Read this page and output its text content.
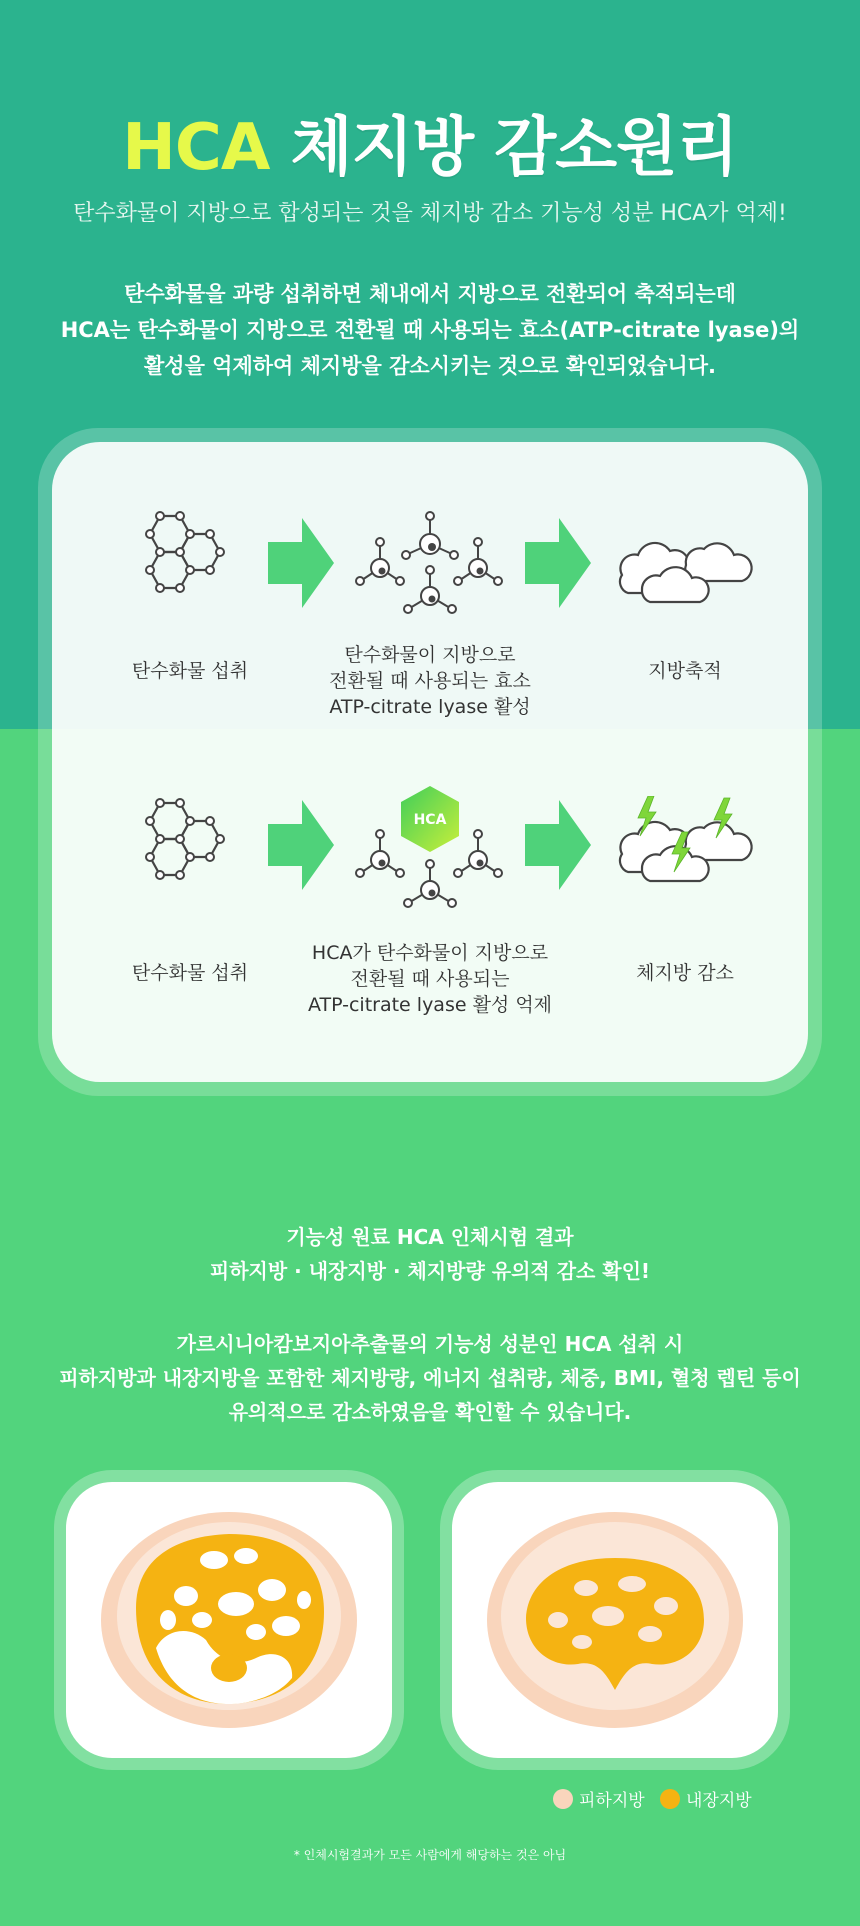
HCA 체지방 감소원리
탄수화물이 지방으로 합성되는 것을 체지방 감소 기능성 성분 HCA가 억제!
탄수화물을 과량 섭취하면 체내에서 지방으로 전환되어 축적되는데
HCA는 탄수화물이 지방으로 전환될 때 사용되는 효소(ATP-citrate lyase)의
활성을 억제하여 체지방을 감소시키는 것으로 확인되었습니다.
탄수화물 섭취
탄수화물이 지방으로
전환될 때 사용되는 효소
ATP-citrate lyase 활성
지방축적
HCA
탄수화물 섭취
HCA가 탄수화물이 지방으로
전환될 때 사용되는
ATP-citrate lyase 활성 억제
체지방 감소
기능성 원료 HCA 인체시험 결과
피하지방 · 내장지방 · 체지방량 유의적 감소 확인!
가르시니아캄보지아추출물의 기능성 성분인 HCA 섭취 시
피하지방과 내장지방을 포함한 체지방량, 에너지 섭취량, 체중, BMI, 혈청 렙틴 등이
유의적으로 감소하였음을 확인할 수 있습니다.
피하지방 내장지방
* 인체시험결과가 모든 사람에게 해당하는 것은 아님
